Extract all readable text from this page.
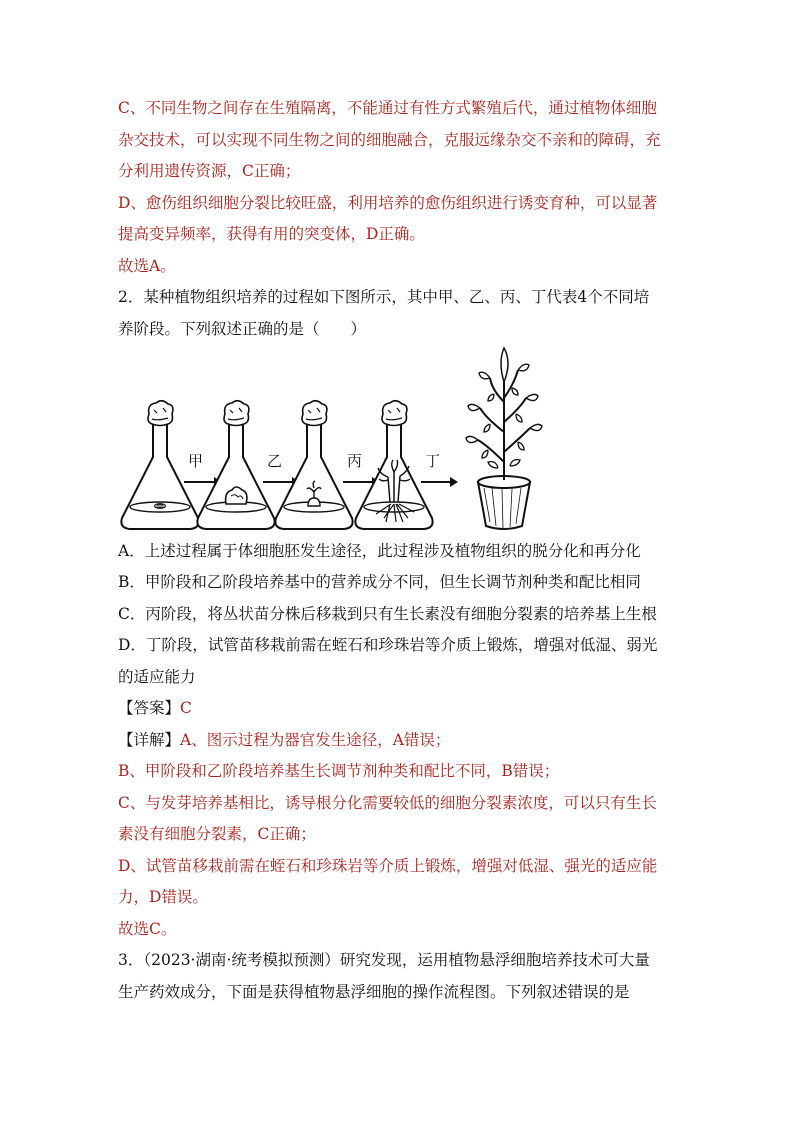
C、不同生物之间存在生殖隔离，不能通过有性方式繁殖后代，通过植物体细胞
杂交技术，可以实现不同生物之间的细胞融合，克服远缘杂交不亲和的障碍，充
分利用遗传资源，C正确；
D、愈伤组织细胞分裂比较旺盛，利用培养的愈伤组织进行诱变育种，可以显著
提高变异频率，获得有用的突变体，D正确。
故选A。
2．某种植物组织培养的过程如下图所示，其中甲、乙、丙、丁代表4个不同培
养阶段。下列叙述正确的是（　　）
甲	乙	丙	丁
A．上述过程属于体细胞胚发生途径，此过程涉及植物组织的脱分化和再分化
B．甲阶段和乙阶段培养基中的营养成分不同，但生长调节剂种类和配比相同
C．丙阶段，将丛状苗分株后移栽到只有生长素没有细胞分裂素的培养基上生根
D．丁阶段，试管苗移栽前需在蛭石和珍珠岩等介质上锻炼，增强对低湿、弱光
的适应能力
【答案】C
【详解】A、图示过程为器官发生途径，A错误；
B、甲阶段和乙阶段培养基生长调节剂种类和配比不同，B错误；
C、与发芽培养基相比，诱导根分化需要较低的细胞分裂素浓度，可以只有生长
素没有细胞分裂素，C正确；
D、试管苗移栽前需在蛭石和珍珠岩等介质上锻炼，增强对低湿、强光的适应能
力，D错误。
故选C。
3．（2023·湖南·统考模拟预测）研究发现，运用植物悬浮细胞培养技术可大量
生产药效成分，下面是获得植物悬浮细胞的操作流程图。下列叙述错误的是
